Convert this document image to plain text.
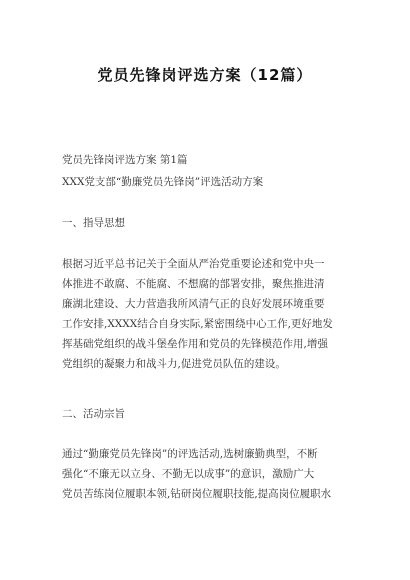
党员先锋岗评选方案（12篇）
党员先锋岗评选方案 第1篇
XXX党支部“勤廉党员先锋岗”评选活动方案
一、指导思想
根据习近平总书记关于全面从严治党重要论述和党中央一
体推进不敢腐、不能腐、不想腐的部署安排，聚焦推进清
廉湖北建设、大力营造我所风清气正的良好发展环境重要
工作安排,XXXX结合自身实际,紧密围绕中心工作,更好地发
挥基础党组织的战斗堡垒作用和党员的先锋模范作用,增强
党组织的凝聚力和战斗力,促进党员队伍的建设。
二、活动宗旨
通过“勤廉党员先锋岗”的评选活动,选树廉勤典型，不断
强化“不廉无以立身、不勤无以成事”的意识，激励广大
党员苦练岗位履职本领,钻研岗位履职技能,提高岗位履职水
